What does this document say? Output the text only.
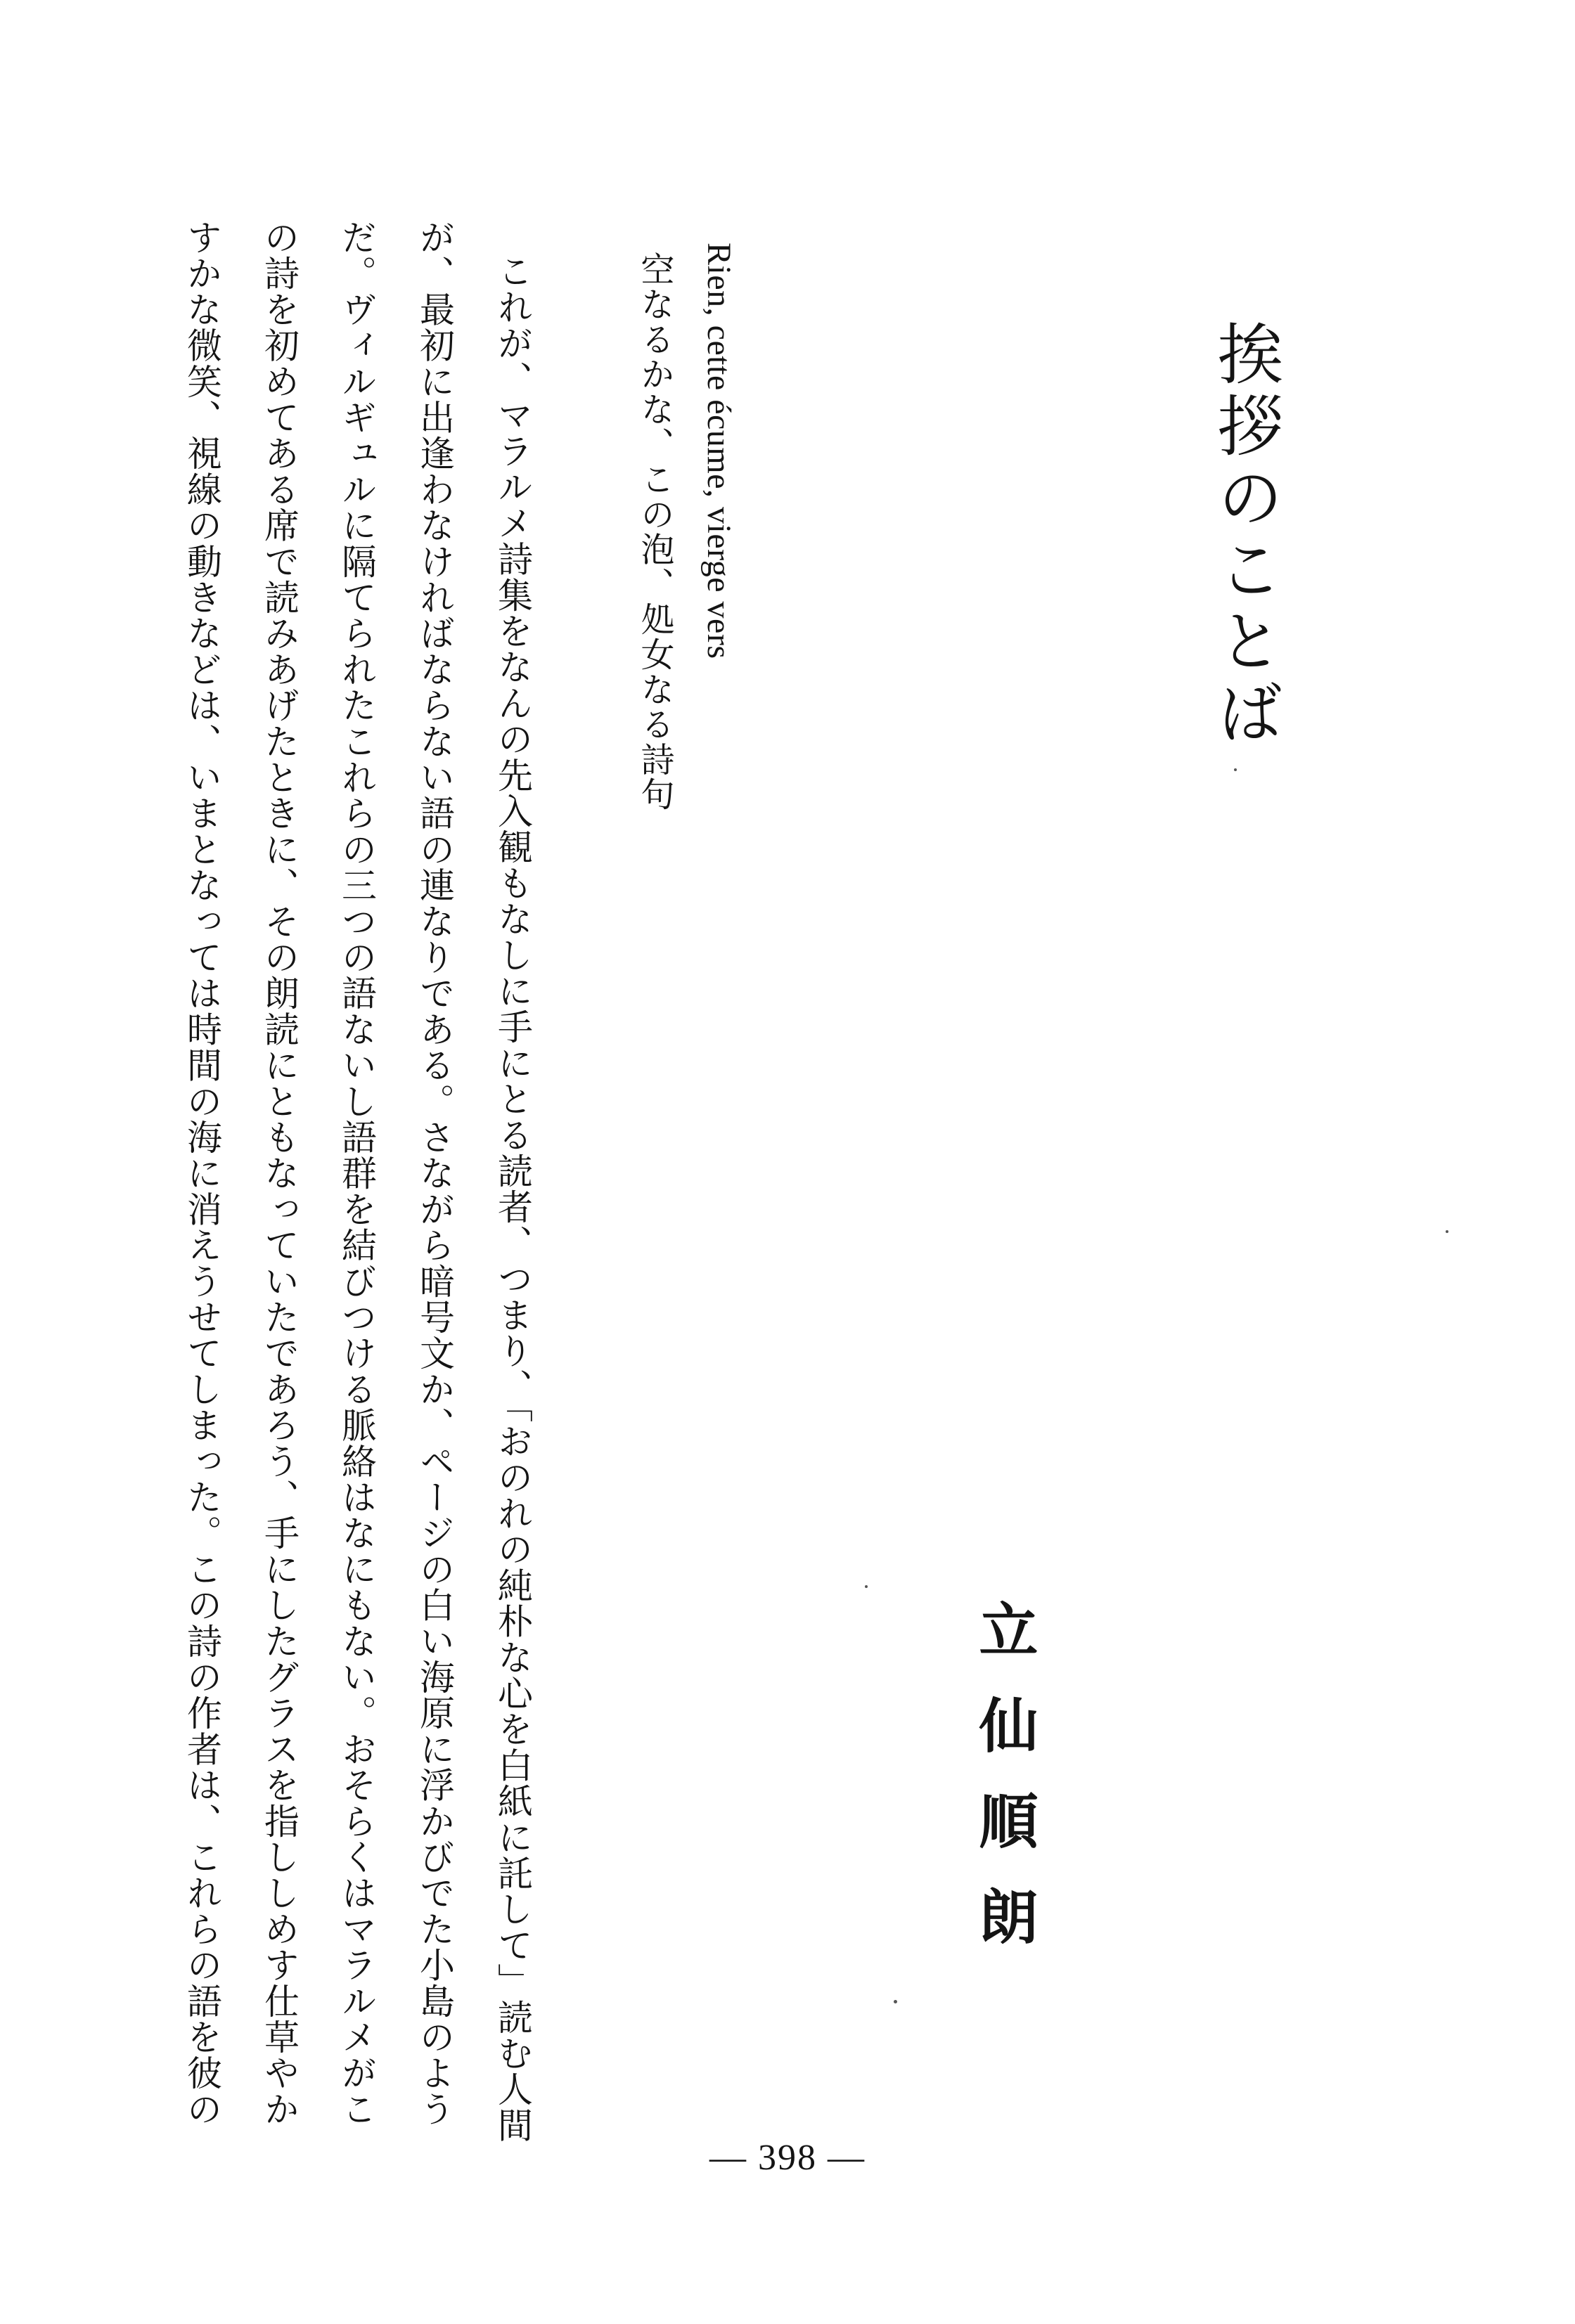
挨拶のことば
立仙順朗
Rien, cette écume, vierge vers
空なるかな、この泡、処女なる詩句

これが、マラルメ詩集をなんの先入観もなしに手にとる読者、つまり、「おのれの純朴な心を白紙に託して」読む人間

が、最初に出逢わなければならない語の連なりである。さながら暗号文か、ページの白い海原に浮かびでた小島のよう

だ。ヴィルギュルに隔てられたこれらの三つの語ないし語群を結びつける脈絡はなにもない。おそらくはマラルメがこ

の詩を初めてある席で読みあげたときに、その朗読にともなっていたであろう、手にしたグラスを指ししめす仕草やか

すかな微笑、視線の動きなどは、いまとなっては時間の海に消えうせてしまった。この詩の作者は、これらの語を彼の

— 398 —
